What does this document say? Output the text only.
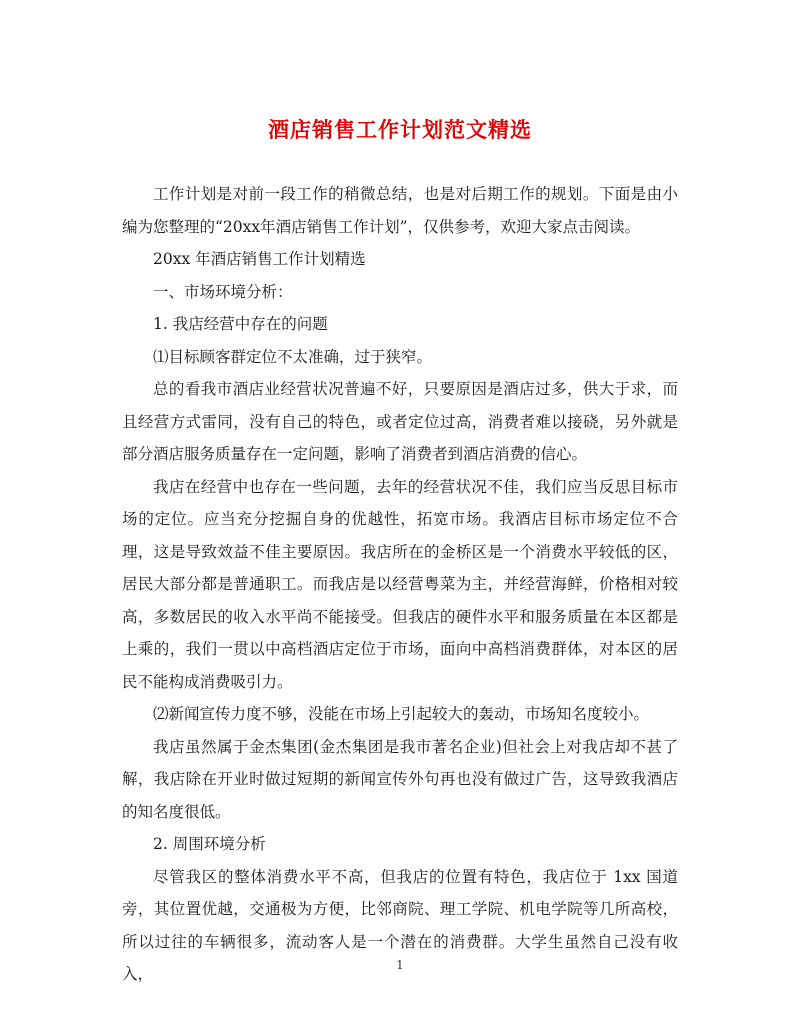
酒店销售工作计划范文精选

工作计划是对前一段工作的稍微总结，也是对后期工作的规划。下面是由小编为您整理的“20xx年酒店销售工作计划”，仅供参考，欢迎大家点击阅读。

20xx 年酒店销售工作计划精选

一、市场环境分析：

1. 我店经营中存在的问题

⑴目标顾客群定位不太准确，过于狭窄。

总的看我市酒店业经营状况普遍不好，只要原因是酒店过多，供大于求，而且经营方式雷同，没有自己的特色，或者定位过高，消费者难以接硗，另外就是部分酒店服务质量存在一定问题，影响了消费者到酒店消费的信心。

我店在经营中也存在一些问题，去年的经营状况不佳，我们应当反思目标市场的定位。应当充分挖掘自身的优越性，拓宽市场。我酒店目标市场定位不合理，这是导致效益不佳主要原因。我店所在的金桥区是一个消费水平较低的区，居民大部分都是普通职工。而我店是以经营粤菜为主，并经营海鲜，价格相对较高，多数居民的收入水平尚不能接受。但我店的硬件水平和服务质量在本区都是上乘的，我们一贯以中高档酒店定位于市场，面向中高档消费群体，对本区的居民不能构成消费吸引力。

⑵新闻宣传力度不够，没能在市场上引起较大的轰动，市场知名度较小。

我店虽然属于金杰集团(金杰集团是我市著名企业)但社会上对我店却不甚了解，我店除在开业时做过短期的新闻宣传外句再也没有做过广告，这导致我酒店的知名度很低。

2. 周围环境分析

尽管我区的整体消费水平不高，但我店的位置有特色，我店位于 1xx 国道旁，其位置优越，交通极为方便，比邻商院、理工学院、机电学院等几所高校，所以过往的车辆很多，流动客人是一个潜在的消费群。大学生虽然自己没有收入，	1
